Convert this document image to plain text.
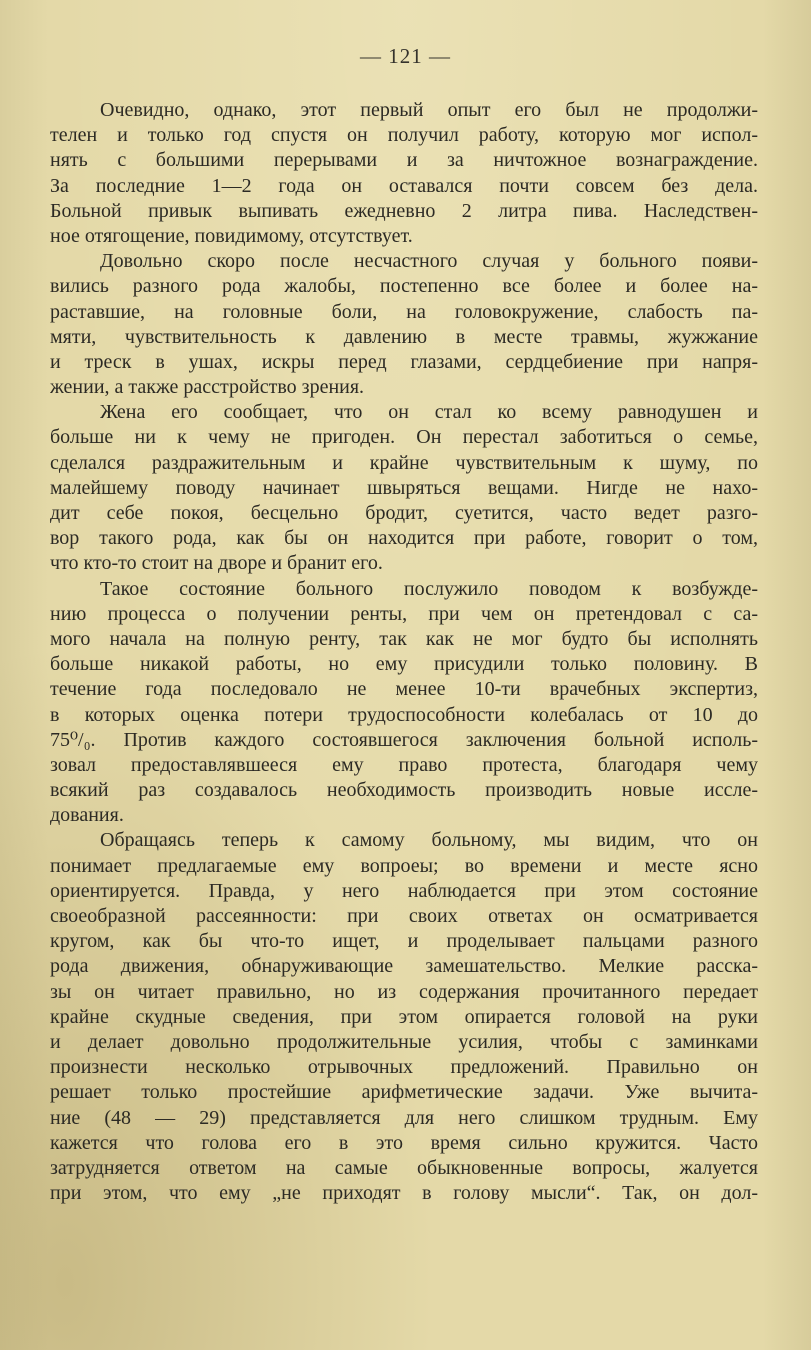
— 121 —
Очевидно, однако, этот первый опыт его был не продолжи-
телен и только год спустя он получил работу, которую мог испол-
нять с большими перерывами и за ничтожное вознаграждение.
За последние 1—2 года он оставался почти совсем без дела.
Больной привык выпивать ежедневно 2 литра пива. Наследствен-
ное отягощение, повидимому, отсутствует.
Довольно скоро после несчастного случая у больного появи-
вились разного рода жалобы, постепенно все более и более на-
раставшие, на головные боли, на головокружение, слабость па-
мяти, чувствительность к давлению в месте травмы, жужжание
и треск в ушах, искры перед глазами, сердцебиение при напря-
жении, а также расстройство зрения.
Жена его сообщает, что он стал ко всему равнодушен и
больше ни к чему не пригоден. Он перестал заботиться о семье,
сделался раздражительным и крайне чувствительным к шуму, по
малейшему поводу начинает швыряться вещами. Нигде не нахо-
дит себе покоя, бесцельно бродит, суетится, часто ведет разго-
вор такого рода, как бы он находится при работе, говорит о том,
что кто-то стоит на дворе и бранит его.
Такое состояние больного послужило поводом к возбужде-
нию процесса о получении ренты, при чем он претендовал с са-
мого начала на полную ренту, так как не мог будто бы исполнять
больше никакой работы, но ему присудили только половину. В
течение года последовало не менее 10-ти врачебных экспертиз,
в которых оценка потери трудоспособности колебалась от 10 до
75⁰/₀. Против каждого состоявшегося заключения больной исполь-
зовал предоставлявшееся ему право протеста, благодаря чему
всякий раз создавалось необходимость производить новые иссле-
дования.
Обращаясь теперь к самому больному, мы видим, что он
понимает предлагаемые ему вопроеы; во времени и месте ясно
ориентируется. Правда, у него наблюдается при этом состояние
своеобразной рассеянности: при своих ответах он осматривается
кругом, как бы что-то ищет, и проделывает пальцами разного
рода движения, обнаруживающие замешательство. Мелкие расска-
зы он читает правильно, но из содержания прочитанного передает
крайне скудные сведения, при этом опирается головой на руки
и делает довольно продолжительные усилия, чтобы с заминками
произнести несколько отрывочных предложений. Правильно он
решает только простейшие арифметические задачи. Уже вычита-
ние (48 — 29) представляется для него слишком трудным. Ему
кажется что голова его в это время сильно кружится. Часто
затрудняется ответом на самые обыкновенные вопросы, жалуется
при этом, что ему „не приходят в голову мысли“. Так, он дол-
